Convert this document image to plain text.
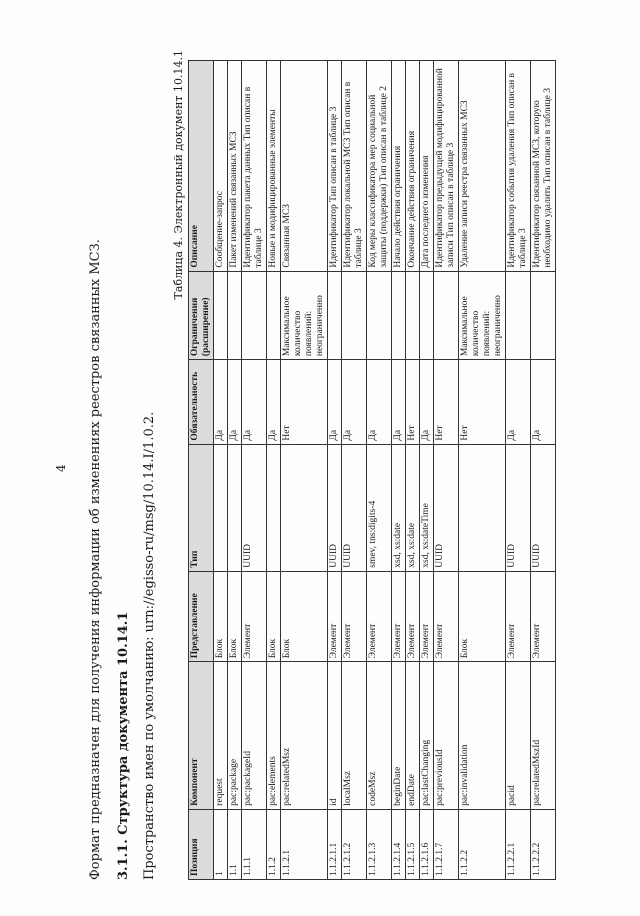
4 Формат предназначен для получения информации об изменениях реестров связанных МСЗ. 3.1.1. Структура документа 10.14.1 Пространство имен по умолчанию: urn://egisso-ru/msg/10.14.I/1.0.2.
Таблица 4. Электронный документ 10.14.1
Позиция	Компонент	Представление	Тип	Обязательность	Ограничения (расширение)	Описание
1	request	Блок		Да		Сообщение-запрос
1.1	pac:package	Блок		Да		Пакет изменений связанных МСЗ
1.1.1	pac:packageId	Элемент	UUID	Да		Идентификатор пакета данных Тип описан в таблице 3
1.1.2	pac:elements	Блок		Да		Новые и модифицированные элементы
1.1.2.1	pac:relatedMsz	Блок		Нет	Максимальное количество появлений: неограниченно	Связанная МСЗ
1.1.2.1.1	id	Элемент	UUID	Да		Идентификатор Тип описан в таблице 3
1.1.2.1.2	localMsz	Элемент	UUID	Да		Идентификатор локальной МСЗ Тип описан в таблице 3
1.1.2.1.3	codeMsz	Элемент	smev, tns:digits-4	Да		Код меры классификатора мер социальной защиты (поддержки) Тип описан в таблице 2
1.1.2.1.4	beginDate	Элемент	xsd, xs:date	Да		Начало действия ограничения
1.1.2.1.5	endDate	Элемент	xsd, xs:date	Нет		Окончание действия ограничения
1.1.2.1.6	pac:lastChanging	Элемент	xsd, xs:dateTime	Да		Дата последнего изменения
1.1.2.1.7	pac:previousId	Элемент	UUID	Нет		Идентификатор предыдущей модифицированной записи Тип описан в таблице 3
1.1.2.2	pac:invalidation	Блок		Нет	Максимальное количество появлений: неограниченно	Удаление записи реестра связанных МСЗ
1.1.2.2.1	pacid	Элемент	UUID	Да		Идентификатор события удаления Тип описан в таблице 3
1.1.2.2.2	pac:relatedMszId	Элемент	UUID	Да		Идентификатор связанной МСЗ, которую необходимо удалить Тип описан в таблице 3
